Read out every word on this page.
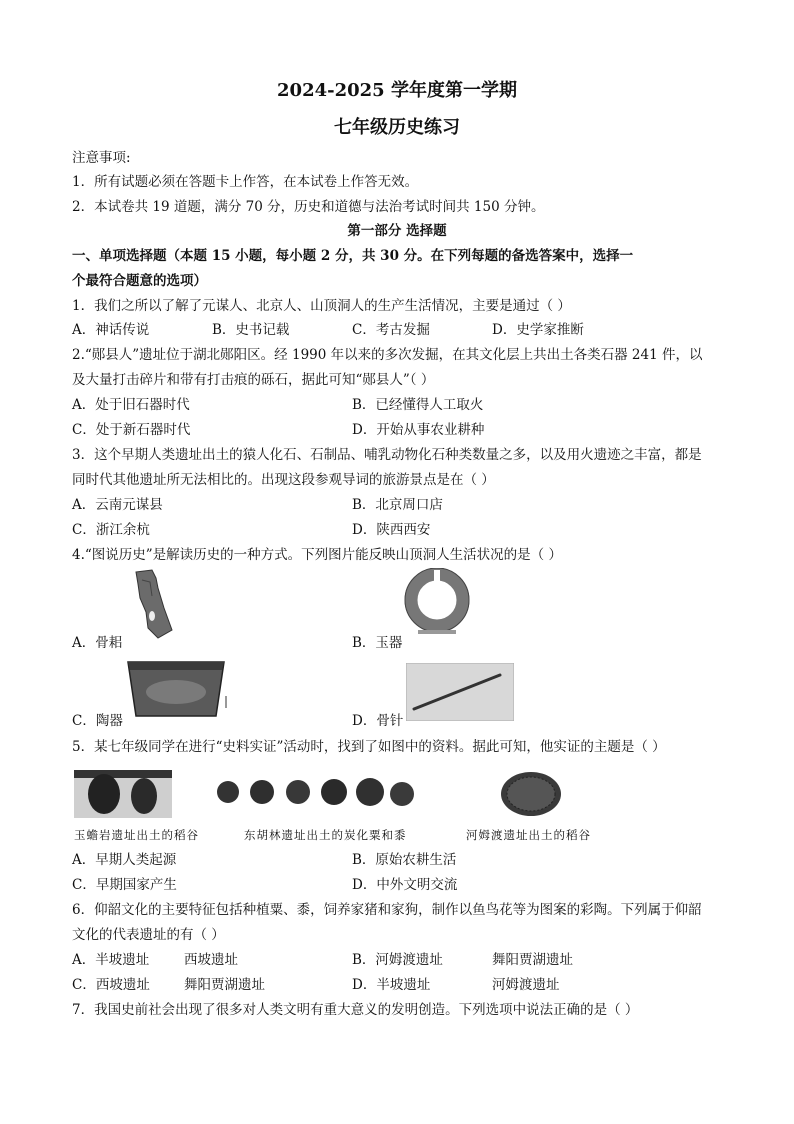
2024-2025 学年度第一学期
七年级历史练习
注意事项:
1．所有试题必须在答题卡上作答，在本试卷上作答无效。
2．本试卷共 19 道题，满分 70 分，历史和道德与法治考试时间共 150 分钟。
第一部分 选择题
一、单项选择题（本题 15 小题，每小题 2 分，共 30 分。在下列每题的备选答案中，选择一
个最符合题意的选项）
1．我们之所以了解了元谋人、北京人、山顶洞人的生产生活情况，主要是通过（ ）
A．神话传说	B．史书记载	C．考古发掘	D．史学家推断
2.“郧县人”遗址位于湖北郧阳区。经 1990 年以来的多次发掘，在其文化层上共出土各类石器 241 件，以
及大量打击碎片和带有打击痕的砾石，据此可知“郧县人”（ ）
A．处于旧石器时代	B．已经懂得人工取火
C．处于新石器时代	D．开始从事农业耕种
3．这个早期人类遗址出土的猿人化石、石制品、哺乳动物化石种类数量之多，以及用火遗迹之丰富，都是
同时代其他遗址所无法相比的。出现这段参观导词的旅游景点是在（ ）
A．云南元谋县	B．北京周口店
C．浙江余杭	D．陕西西安
4.“图说历史”是解读历史的一种方式。下列图片能反映山顶洞人生活状况的是（ ）
A．骨耜	B．玉器
C．陶器	D．骨针
5．某七年级同学在进行“史料实证”活动时，找到了如图中的资料。据此可知，他实证的主题是（ ）
玉蟾岩遗址出土的稻谷	东胡林遗址出土的炭化粟和黍	河姆渡遗址出土的稻谷
A．早期人类起源	B．原始农耕生活
C．早期国家产生	D．中外文明交流
6．仰韶文化的主要特征包括种植粟、黍，饲养家猪和家狗，制作以鱼鸟花等为图案的彩陶。下列属于仰韶
文化的代表遗址的有（ ）
A．半坡遗址	西坡遗址	B．河姆渡遗址	舞阳贾湖遗址
C．西坡遗址	舞阳贾湖遗址	D．半坡遗址	河姆渡遗址
7．我国史前社会出现了很多对人类文明有重大意义的发明创造。下列选项中说法正确的是（ ）
